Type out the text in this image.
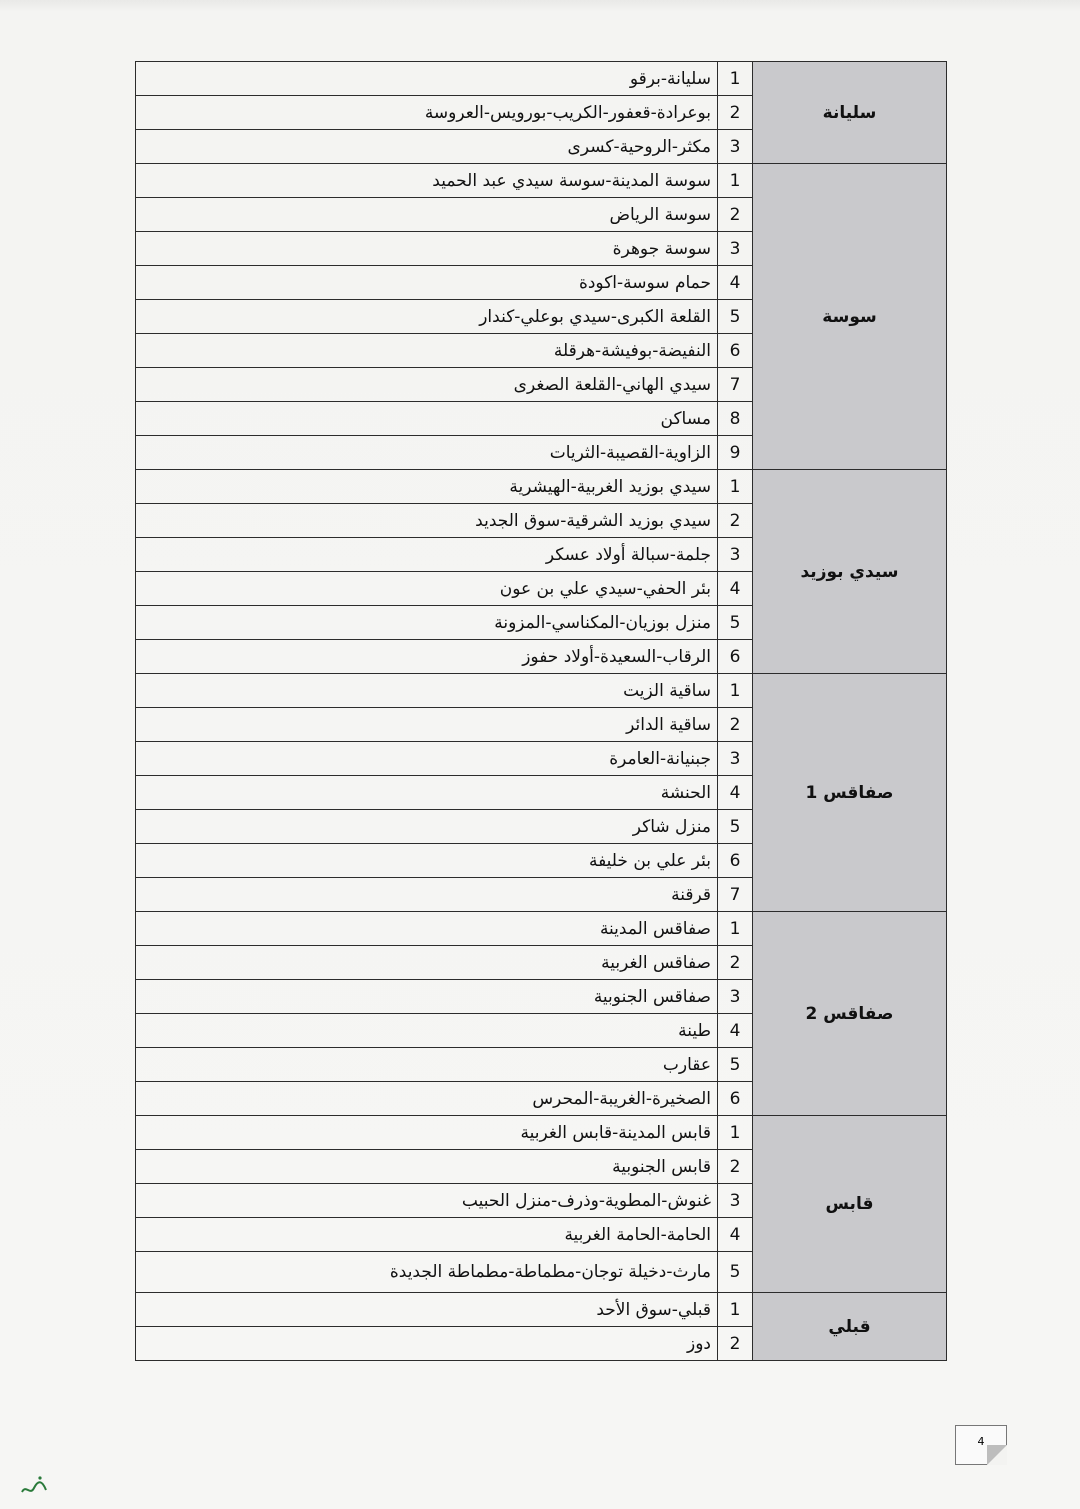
سليانة	1	سليانة-برقو
	2	بوعرادة-قعفور-الكريب-بورويس-العروسة
	3	مكثر-الروحية-كسرى
سوسة	1	سوسة المدينة-سوسة سيدي عبد الحميد
	2	سوسة الرياض
	3	سوسة جوهرة
	4	حمام سوسة-اكودة
	5	القلعة الكبرى-سيدي بوعلي-كندار
	6	النفيضة-بوفيشة-هرقلة
	7	سيدي الهاني-القلعة الصغرى
	8	مساكن
	9	الزاوية-القصيبة-الثريات
سيدي بوزيد	1	سيدي بوزيد الغربية-الهيشرية
	2	سيدي بوزيد الشرقية-سوق الجديد
	3	جلمة-سبالة أولاد عسكر
	4	بئر الحفي-سيدي علي بن عون
	5	منزل بوزيان-المكناسي-المزونة
	6	الرقاب-السعيدة-أولاد حفوز
صفاقس 1	1	ساقية الزيت
	2	ساقية الدائر
	3	جبنيانة-العامرة
	4	الحنشة
	5	منزل شاكر
	6	بئر علي بن خليفة
	7	قرقنة
صفاقس 2	1	صفاقس المدينة
	2	صفاقس الغربية
	3	صفاقس الجنوبية
	4	طينة
	5	عقارب
	6	الصخيرة-الغريبة-المحرس
قابس	1	قابس المدينة-قابس الغربية
	2	قابس الجنوبية
	3	غنوش-المطوية-وذرف-منزل الحبيب
	4	الحامة-الحامة الغربية
	5	مارث-دخيلة توجان-مطماطة-مطماطة الجديدة
قبلي	1	قبلي-سوق الأحد
	2	دوز
4
